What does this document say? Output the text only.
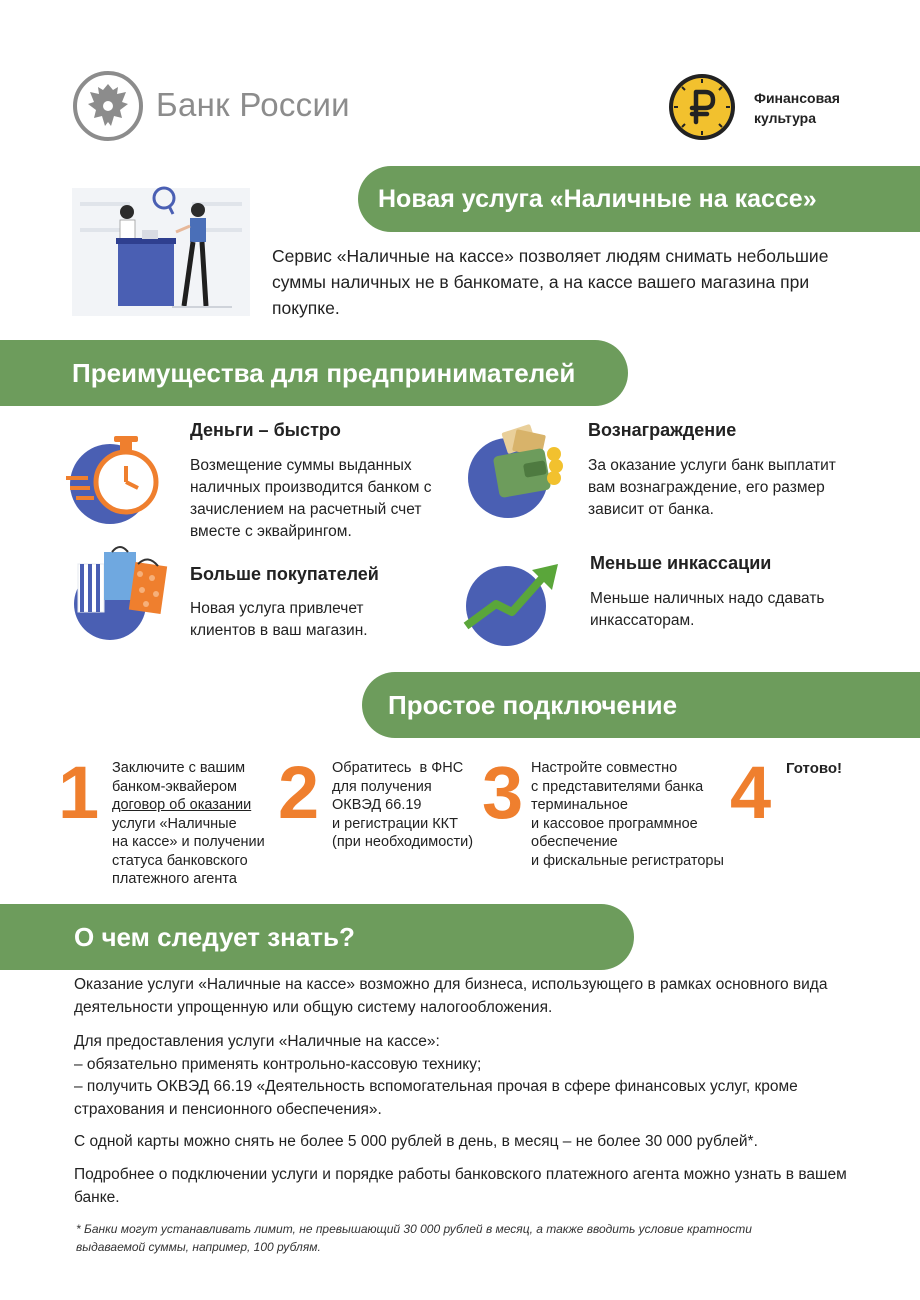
Банк России	Финансовая
культура
Новая услуга «Наличные на кассе»
Сервис «Наличные на кассе» позволяет людям снимать небольшие суммы наличных не в банкомате, а на кассе вашего магазина при покупке.
Преимущества для предпринимателей
Деньги – быстро
Возмещение суммы выданных наличных производится банком с зачислением на расчетный счет вместе с эквайрингом.
Вознаграждение
За оказание услуги банк выплатит вам вознаграждение, его размер зависит от банка.
Больше покупателей
Новая услуга привлечет клиентов в ваш магазин.
Меньше инкассации
Меньше наличных надо сдавать инкассаторам.
Простое подключение
1 Заключите с вашим
банком-эквайером
договор об оказании
услуги «Наличные
на кассе» и получении
статуса банковского
платежного агента
2 Обратитесь  в ФНС
для получения
ОКВЭД 66.19
и регистрации ККТ
(при необходимости)
3 Настройте совместно
с представителями банка
терминальное
и кассовое программное
обеспечение
и фискальные регистраторы
4 Готово!
О чем следует знать?
Оказание услуги «Наличные на кассе» возможно для бизнеса, использующего в рамках основного вида деятельности упрощенную или общую систему налогообложения.
Для предоставления услуги «Наличные на кассе»:
– обязательно применять контрольно-кассовую технику;
– получить ОКВЭД 66.19 «Деятельность вспомогательная прочая в сфере финансовых услуг, кроме страхования и пенсионного обеспечения».
С одной карты можно снять не более 5 000 рублей в день, в месяц – не более 30 000 рублей*.
Подробнее о подключении услуги и порядке работы банковского платежного агента можно узнать в вашем банке.
* Банки могут устанавливать лимит, не превышающий 30 000 рублей в месяц, а также вводить условие кратности выдаваемой суммы, например, 100 рублям.
